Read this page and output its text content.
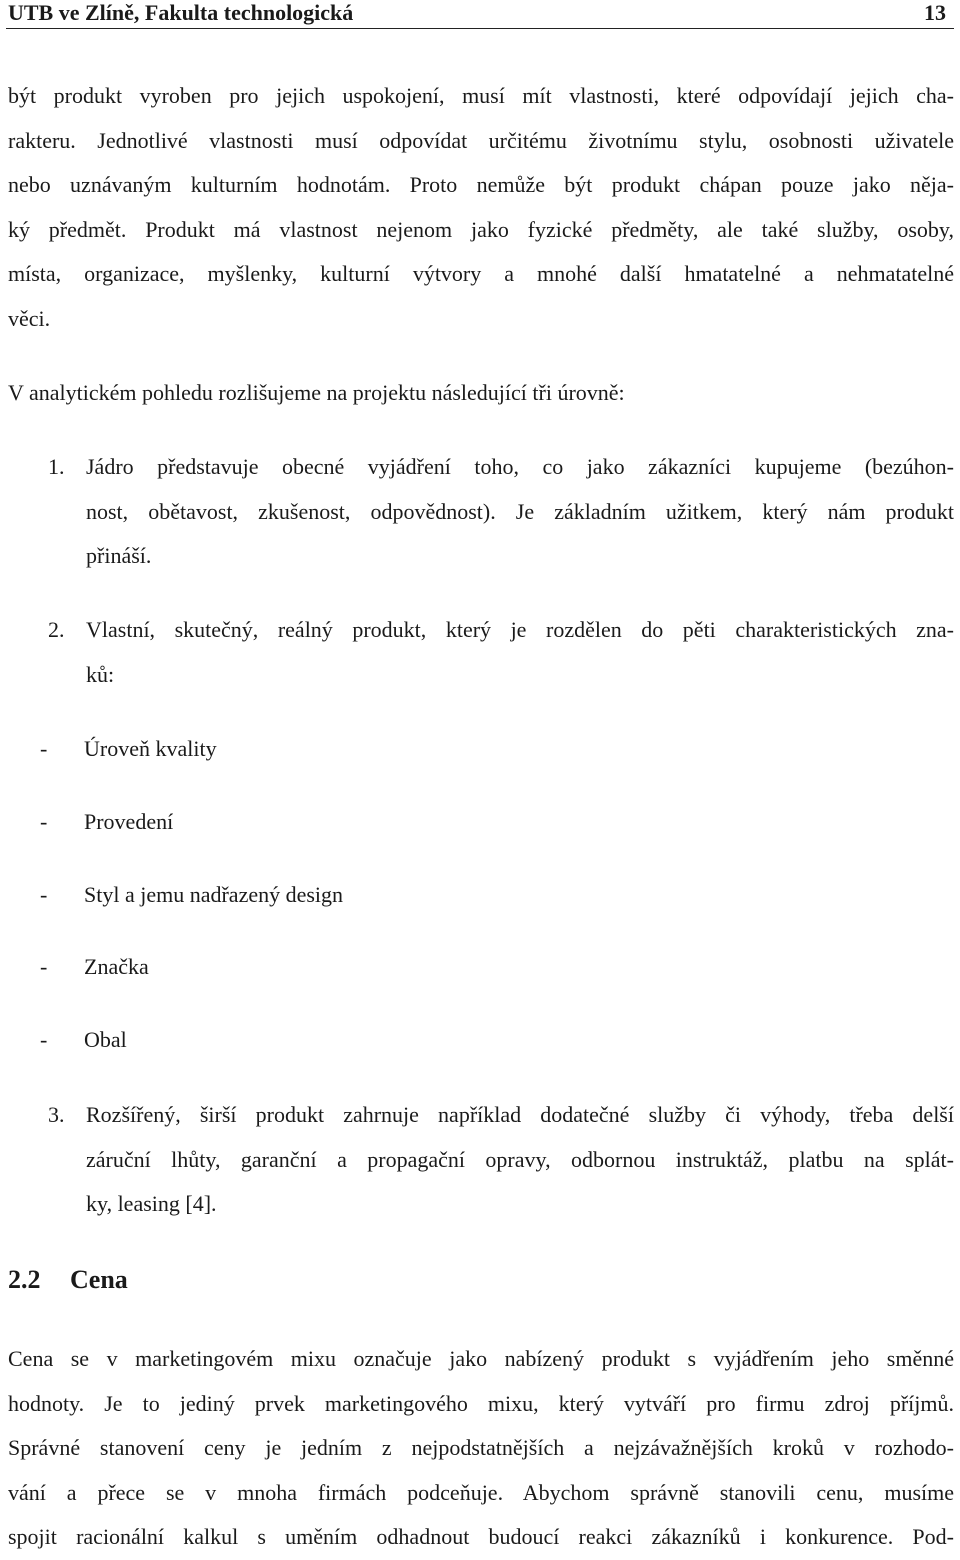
UTB ve Zlíně, Fakulta technologická	13
být produkt vyroben pro jejich uspokojení, musí mít vlastnosti, které odpovídají jejich cha-
rakteru. Jednotlivé vlastnosti musí odpovídat určitému životnímu stylu, osobnosti uživatele
nebo uznávaným kulturním hodnotám. Proto nemůže být produkt chápan pouze jako něja-
ký předmět. Produkt má vlastnost nejenom jako fyzické předměty, ale také služby, osoby,
místa, organizace, myšlenky, kulturní výtvory a mnohé další hmatatelné a nehmatatelné
věci.
V analytickém pohledu rozlišujeme na projektu následující tři úrovně:
1. Jádro představuje obecné vyjádření toho, co jako zákazníci kupujeme (bezúhon-
nost, obětavost, zkušenost, odpovědnost). Je základním užitkem, který nám produkt
přináší.
2. Vlastní, skutečný, reálný produkt, který je rozdělen do pěti charakteristických zna-
ků:
- Úroveň kvality
- Provedení
- Styl a jemu nadřazený design
- Značka
- Obal
3. Rozšířený, širší produkt zahrnuje například dodatečné služby či výhody, třeba delší
záruční lhůty, garanční a propagační opravy, odbornou instruktáž, platbu na splát-
ky, leasing [4].
2.2 Cena
Cena se v marketingovém mixu označuje jako nabízený produkt s vyjádřením jeho směnné
hodnoty. Je to jediný prvek marketingového mixu, který vytváří pro firmu zdroj příjmů.
Správné stanovení ceny je jedním z nejpodstatnějších a nejzávažnějších kroků v rozhodo-
vání a přece se v mnoha firmách podceňuje. Abychom správně stanovili cenu, musíme
spojit racionální kalkul s uměním odhadnout budoucí reakci zákazníků i konkurence. Pod-
